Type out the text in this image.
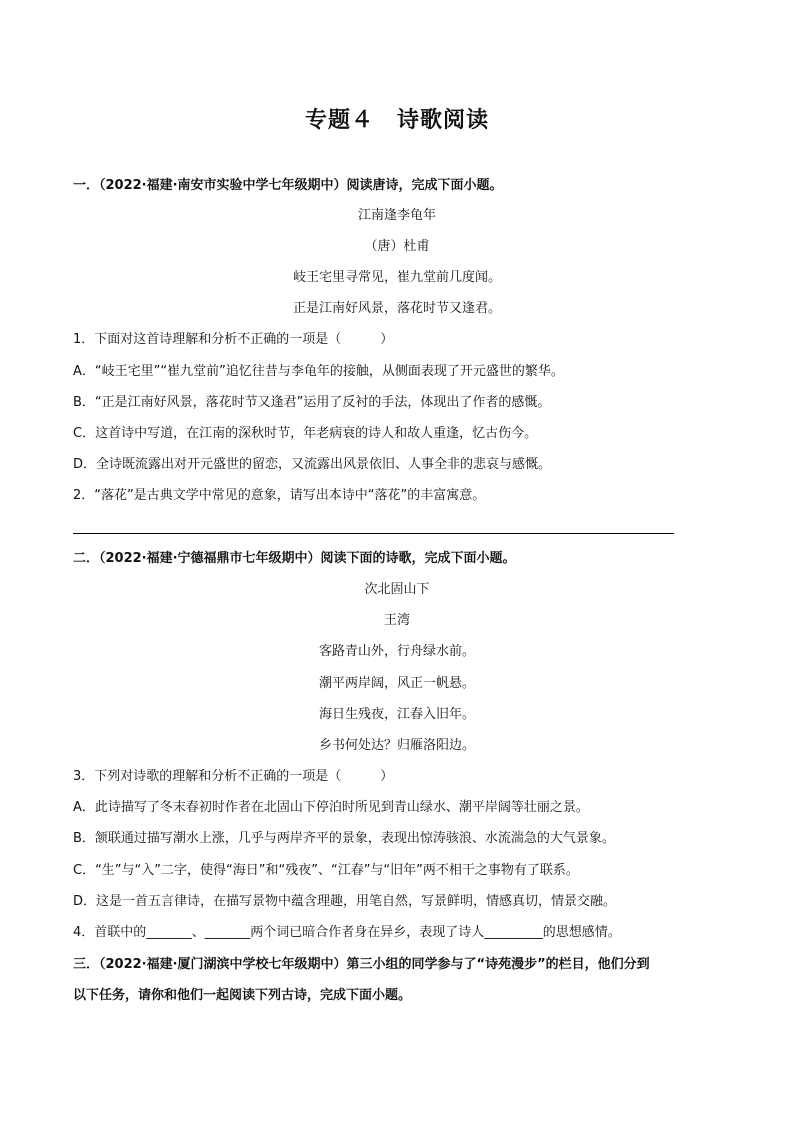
专题４　诗歌阅读
一．（2022·福建·南安市实验中学七年级期中）阅读唐诗，完成下面小题。
江南逢李龟年
（唐）杜甫
岐王宅里寻常见，崔九堂前几度闻。
正是江南好风景，落花时节又逢君。
1．下面对这首诗理解和分析不正确的一项是（　　　）
A．“岐王宅里”“崔九堂前”追忆往昔与李龟年的接触，从侧面表现了开元盛世的繁华。
B．“正是江南好风景，落花时节又逢君”运用了反衬的手法，体现出了作者的感慨。
C．这首诗中写道，在江南的深秋时节，年老病衰的诗人和故人重逢，忆古伤今。
D．全诗既流露出对开元盛世的留恋，又流露出风景依旧、人事全非的悲哀与感慨。
2．“落花”是古典文学中常见的意象，请写出本诗中“落花”的丰富寓意。
二．（2022·福建·宁德福鼎市七年级期中）阅读下面的诗歌，完成下面小题。
次北固山下
王湾
客路青山外，行舟绿水前。
潮平两岸阔，风正一帆悬。
海日生残夜，江春入旧年。
乡书何处达？归雁洛阳边。
3．下列对诗歌的理解和分析不正确的一项是（　　　）
A．此诗描写了冬末春初时作者在北固山下停泊时所见到青山绿水、潮平岸阔等壮丽之景。
B．颔联通过描写潮水上涨，几乎与两岸齐平的景象，表现出惊涛骇浪、水流湍急的大气景象。
C．“生”与“入”二字，使得“海日”和“残夜”、“江春”与“旧年”两不相干之事物有了联系。
D．这是一首五言律诗，在描写景物中蕴含理趣，用笔自然，写景鲜明，情感真切，情景交融。
4．首联中的_______、_______两个词已暗合作者身在异乡，表现了诗人_________的思想感情。
三．（2022·福建·厦门湖滨中学校七年级期中）第三小组的同学参与了“诗苑漫步”的栏目，他们分到
以下任务，请你和他们一起阅读下列古诗，完成下面小题。
